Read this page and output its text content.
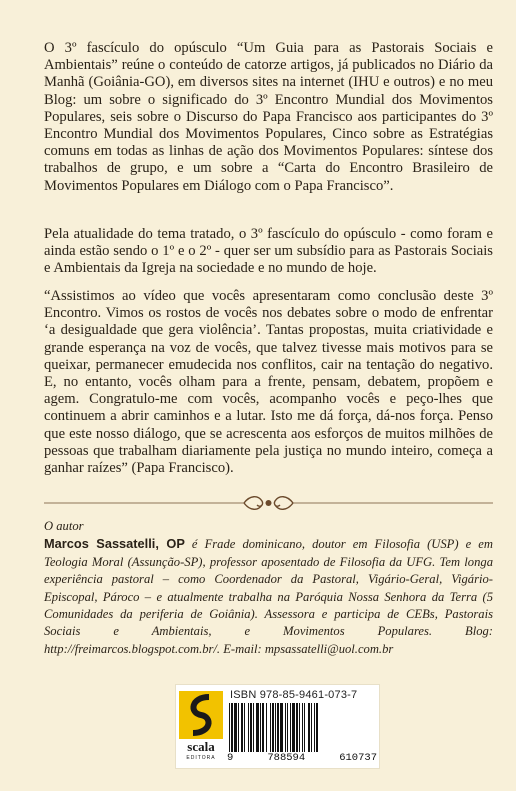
O 3º fascículo do opúsculo “Um Guia para as Pastorais Sociais e Ambientais” reúne o conteúdo de catorze artigos, já publicados no Diário da Manhã (Goiânia-GO), em diversos sites na internet (IHU e outros) e no meu Blog: um sobre o significado do 3º Encontro Mundial dos Movimentos Populares, seis sobre o Discurso do Papa Francisco aos participantes do 3º Encontro Mundial dos Movimentos Populares, Cinco sobre as Estratégias comuns em todas as linhas de ação dos Movimentos Populares: síntese dos trabalhos de grupo, e um sobre a “Carta do Encontro Brasileiro de Movimentos Populares em Diálogo com o Papa Francisco”.
Pela atualidade do tema tratado, o 3º fascículo do opúsculo - como foram e ainda estão sendo o 1º e o 2º - quer ser um subsídio para as Pastorais Sociais e Ambientais da Igreja na sociedade e no mundo de hoje.
“Assistimos ao vídeo que vocês apresentaram como conclusão deste 3º Encontro. Vimos os rostos de vocês nos debates sobre o modo de enfrentar ‘a desigualdade que gera violência’. Tantas propostas, muita criatividade e grande esperança na voz de vocês, que talvez tivesse mais motivos para se queixar, permanecer emudecida nos conflitos, cair na tentação do negativo. E, no entanto, vocês olham para a frente, pensam, debatem, propõem e agem. Congratulo-me com vocês, acompanho vocês e peço-lhes que continuem a abrir caminhos e a lutar. Isto me dá força, dá-nos força. Penso que este nosso diálogo, que se acrescenta aos esforços de muitos milhões de pessoas que trabalham diariamente pela justiça no mundo inteiro, começa a ganhar raízes” (Papa Francisco).
O autor
Marcos Sassatelli, OP é Frade dominicano, doutor em Filosofia (USP) e em Teologia Moral (Assunção-SP), professor aposentado de Filosofia da UFG. Tem longa experiência pastoral – como Coordenador da Pastoral, Vigário-Geral, Vigário-Episcopal, Pároco – e atualmente trabalha na Paróquia Nossa Senhora da Terra (5 Comunidades da periferia de Goiânia). Assessora e participa de CEBs, Pastorais Sociais e Ambientais, e Movimentos Populares. Blog: http://freimarcos.blogspot.com.br/. E-mail: mpsassatelli@uol.com.br
scala
EDITORA
ISBN 978-85-9461-073-7
9	788594	610737
